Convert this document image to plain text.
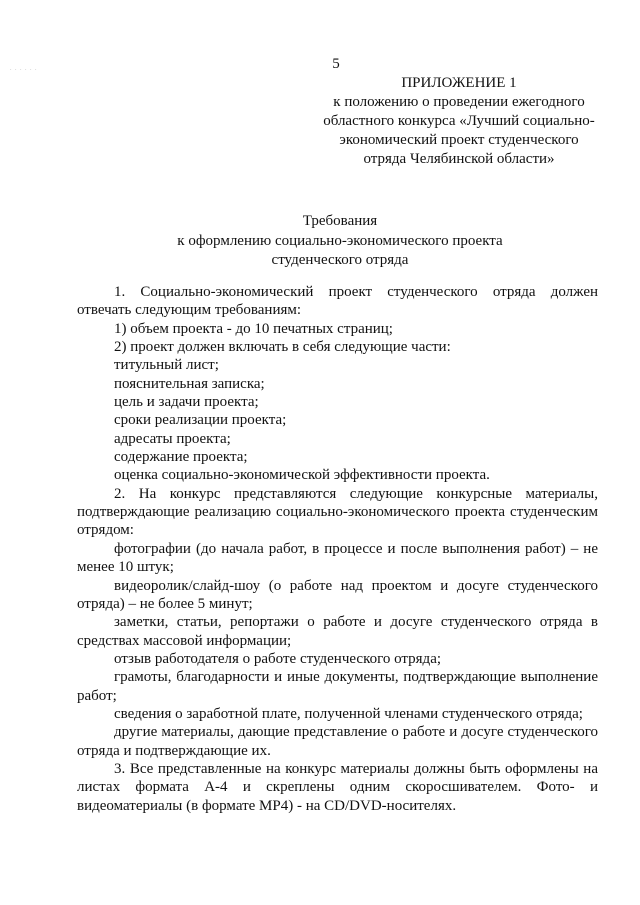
. . . . . .	5
ПРИЛОЖЕНИЕ 1
к положению о проведении ежегодного
областного конкурса «Лучший социально-
экономический проект студенческого
отряда Челябинской области»
Требования
к оформлению социально-экономического проекта
студенческого отряда

1. Социально-экономический проект студенческого отряда должен отвечать следующим требованиям:

1) объем проекта - до 10 печатных страниц;

2) проект должен включать в себя следующие части:

титульный лист;

пояснительная записка;

цель и задачи проекта;

сроки реализации проекта;

адресаты проекта;

содержание проекта;

оценка социально-экономической эффективности проекта.

2. На конкурс представляются следующие конкурсные материалы, подтверждающие реализацию социально-экономического проекта студенческим отрядом:

фотографии (до начала работ, в процессе и после выполнения работ) – не менее 10 штук;

видеоролик/слайд-шоу (о работе над проектом и досуге студенческого отряда) – не более 5 минут;

заметки, статьи, репортажи о работе и досуге студенческого отряда в средствах массовой информации;

отзыв работодателя о работе студенческого отряда;

грамоты, благодарности и иные документы, подтверждающие выполнение работ;

сведения о заработной плате, полученной членами студенческого отряда;

другие материалы, дающие представление о работе и досуге студенческого отряда и подтверждающие их.

3. Все представленные на конкурс материалы должны быть оформлены на листах формата А-4 и скреплены одним скоросшивателем. Фото- и видеоматериалы (в формате MP4) - на CD/DVD-носителях.
